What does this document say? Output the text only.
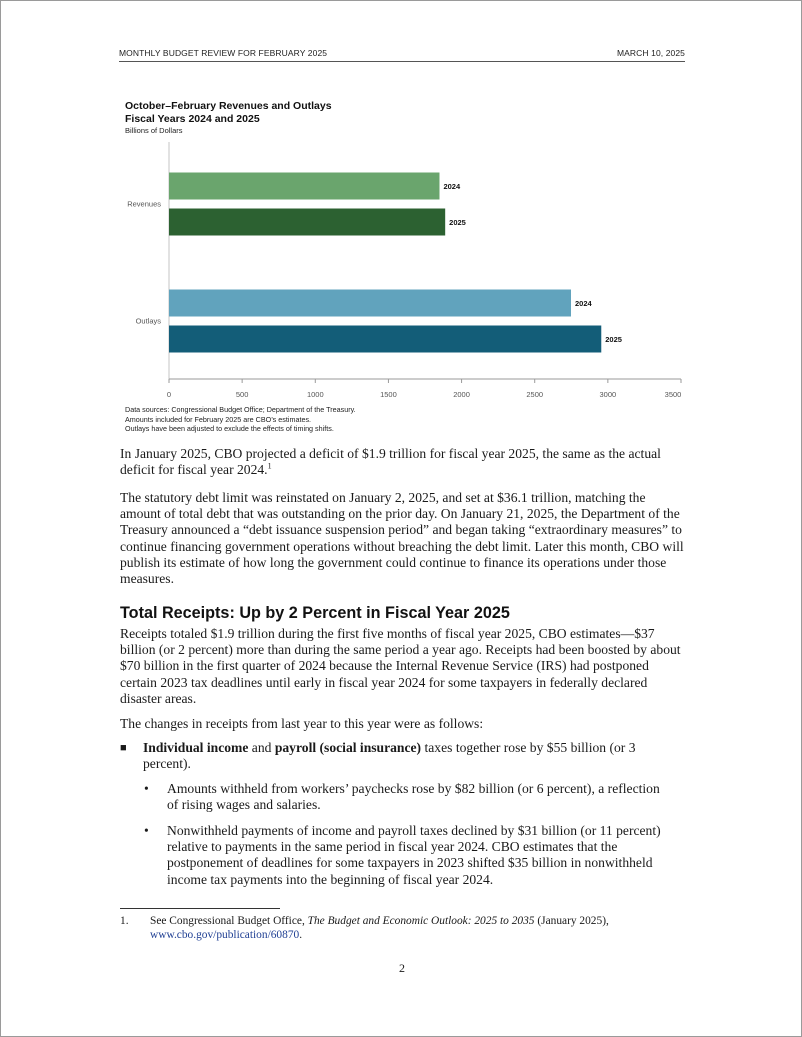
MONTHLY BUDGET REVIEW FOR FEBRUARY 2025	MARCH 10, 2025
October–February Revenues and Outlays
Fiscal Years 2024 and 2025
Billions of Dollars
0	500	1000	1500	2000	2500	3000	3500
Revenues
2024
2025
Outlays
2024
2025
Data sources: Congressional Budget Office; Department of the Treasury.
Amounts included for February 2025 are CBO’s estimates.
Outlays have been adjusted to exclude the effects of timing shifts.
In January 2025, CBO projected a deficit of $1.9 trillion for fiscal year 2025, the same as the actual deficit for fiscal year 2024.$^1$
The statutory debt limit was reinstated on January 2, 2025, and set at $36.1 trillion, matching the amount of total debt that was outstanding on the prior day. On January 21, 2025, the Department of the Treasury announced a “debt issuance suspension period” and began taking “extraordinary measures” to continue financing government operations without breaching the debt limit. Later this month, CBO will publish its estimate of how long the government could continue to finance its operations under those measures.
Total Receipts: Up by 2 Percent in Fiscal Year 2025
Receipts totaled $1.9 trillion during the first five months of fiscal year 2025, CBO estimates—$37 billion (or 2 percent) more than during the same period a year ago. Receipts had been boosted by about $70 billion in the first quarter of 2024 because the Internal Revenue Service (IRS) had postponed certain 2023 tax deadlines until early in fiscal year 2024 for some taxpayers in federally declared disaster areas.
The changes in receipts from last year to this year were as follows:
■ Individual income and payroll (social insurance) taxes together rose by $55 billion (or 3 percent).
• Amounts withheld from workers’ paychecks rose by $82 billion (or 6 percent), a reflection of rising wages and salaries.
• Nonwithheld payments of income and payroll taxes declined by $31 billion (or 11 percent) relative to payments in the same period in fiscal year 2024. CBO estimates that the postponement of deadlines for some taxpayers in 2023 shifted $35 billion in nonwithheld income tax payments into the beginning of fiscal year 2024.
1. See Congressional Budget Office, The Budget and Economic Outlook: 2025 to 2035 (January 2025), www.cbo.gov/publication/60870.
2
